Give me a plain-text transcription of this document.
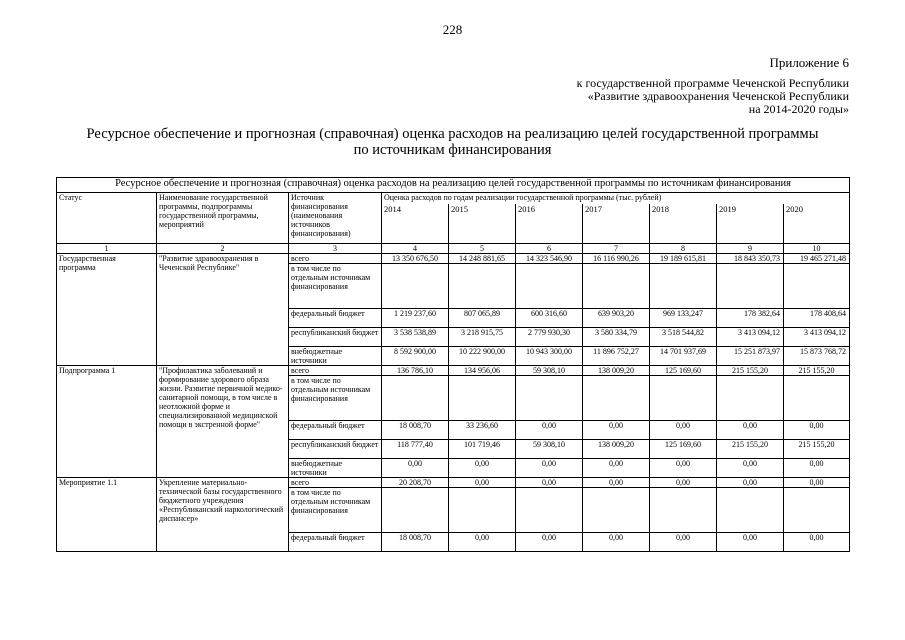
228
Приложение 6
к государственной программе Чеченской Республики
«Развитие здравоохранения Чеченской Республики
на 2014-2020 годы»
Ресурсное обеспечение и прогнозная (справочная) оценка расходов на реализацию целей государственной программы
по источникам финансирования
Ресурсное обеспечение и прогнозная (справочная) оценка расходов на реализацию целей государственной программы по источникам финансирования									
Статус	Наименование государственной программы, подпрограммы государственной программы, мероприятий	Источник финансирования (наименования источников финансирования)	Оценка расходов по годам реализации государственной программы (тыс. рублей)						
			2014	2015	2016	2017	2018	2019	2020
1	2	3	4	5	6	7	8	9	10
Государственная программа	"Развитие здравоохранения в Чеченской Республике"	всего	13 350 676,50	14 248 881,65	14 323 546,90	16 116 990,26	19 189 615,81	18 843 350,73	19 465 271,48
		в том числе по отдельным источникам финансирования							
		федеральный бюджет	1 219 237,60	807 065,89	600 316,60	639 903,20	969 133,247	178 382,64	178 408,64
		республиканский бюджет	3 538 538,89	3 218 915,75	2 779 930,30	3 580 334,79	3 518 544,82	3 413 094,12	3 413 094,12
		внебюджетные источники	8 592 900,00	10 222 900,00	10 943 300,00	11 896 752,27	14 701 937,69	15 251 873,97	15 873 768,72
Подпрограмма 1	"Профилактика заболеваний и формирование здорового образа жизни. Развитие первичной медико-санитарной помощи, в том числе в неотложной форме и специализированной медицинской помощи в экстренной форме"	всего	136 786,10	134 956,06	59 308,10	138 009,20	125 169,60	215 155,20	215 155,20
		в том числе по отдельным источникам финансирования							
		федеральный бюджет	18 008,70	33 236,60	0,00	0,00	0,00	0,00	0,00
		республиканский бюджет	118 777,40	101 719,46	59 308,10	138 009,20	125 169,60	215 155,20	215 155,20
		внебюджетные источники	0,00	0,00	0,00	0,00	0,00	0,00	0,00
Мероприятие 1.1	Укрепление материально-технической базы государственного бюджетного учреждения «Республиканский наркологический диспансер»	всего	20 208,70	0,00	0,00	0,00	0,00	0,00	0,00
		в том числе по отдельным источникам финансирования							
		федеральный бюджет	18 008,70	0,00	0,00	0,00	0,00	0,00	0,00
